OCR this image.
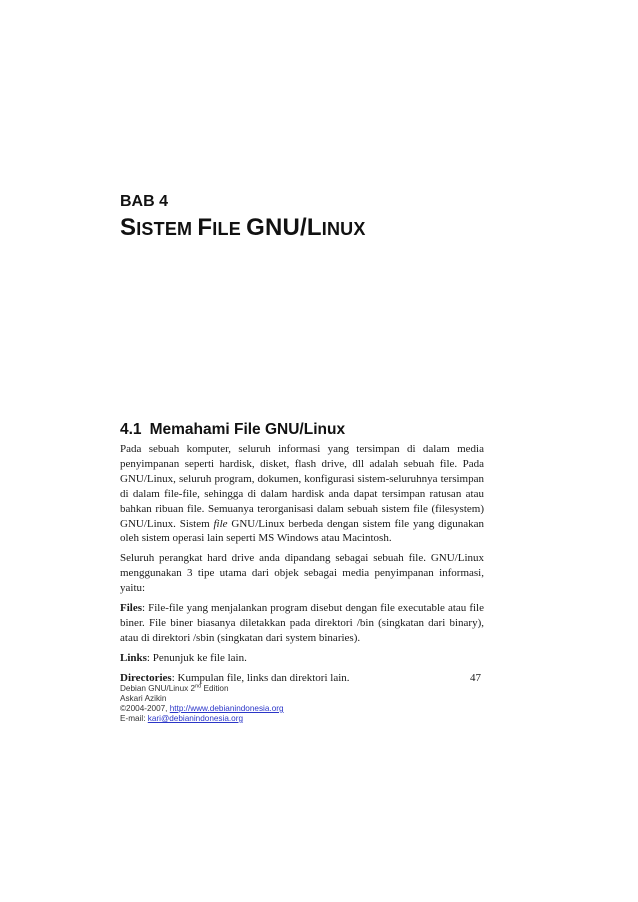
BAB 4
SISTEM FILE GNU/LINUX
4.1 Memahami File GNU/Linux

Pada sebuah komputer, seluruh informasi yang tersimpan di dalam media penyimpanan seperti hardisk, disket, flash drive, dll adalah sebuah file. Pada GNU/Linux, seluruh program, dokumen, konfigurasi sistem-seluruhnya tersimpan di dalam file-file, sehingga di dalam hardisk anda dapat tersimpan ratusan atau bahkan ribuan file. Semuanya terorganisasi dalam sebuah sistem file (filesystem) GNU/Linux. Sistem file GNU/Linux berbeda dengan sistem file yang digunakan oleh sistem operasi lain seperti MS Windows atau Macintosh.

Seluruh perangkat hard drive anda dipandang sebagai sebuah file. GNU/Linux menggunakan 3 tipe utama dari objek sebagai media penyimpanan informasi, yaitu:

Files: File-file yang menjalankan program disebut dengan file executable atau file biner. File biner biasanya diletakkan pada direktori /bin (singkatan dari binary), atau di direktori /sbin (singkatan dari system binaries).

Links: Penunjuk ke file lain.

Directories: Kumpulan file, links dan direktori lain.	47
Debian GNU/Linux 2nd Edition
Askari Azikin
©2004-2007, http://www.debianindonesia.org
E-mail: kari@debianindonesia.org
